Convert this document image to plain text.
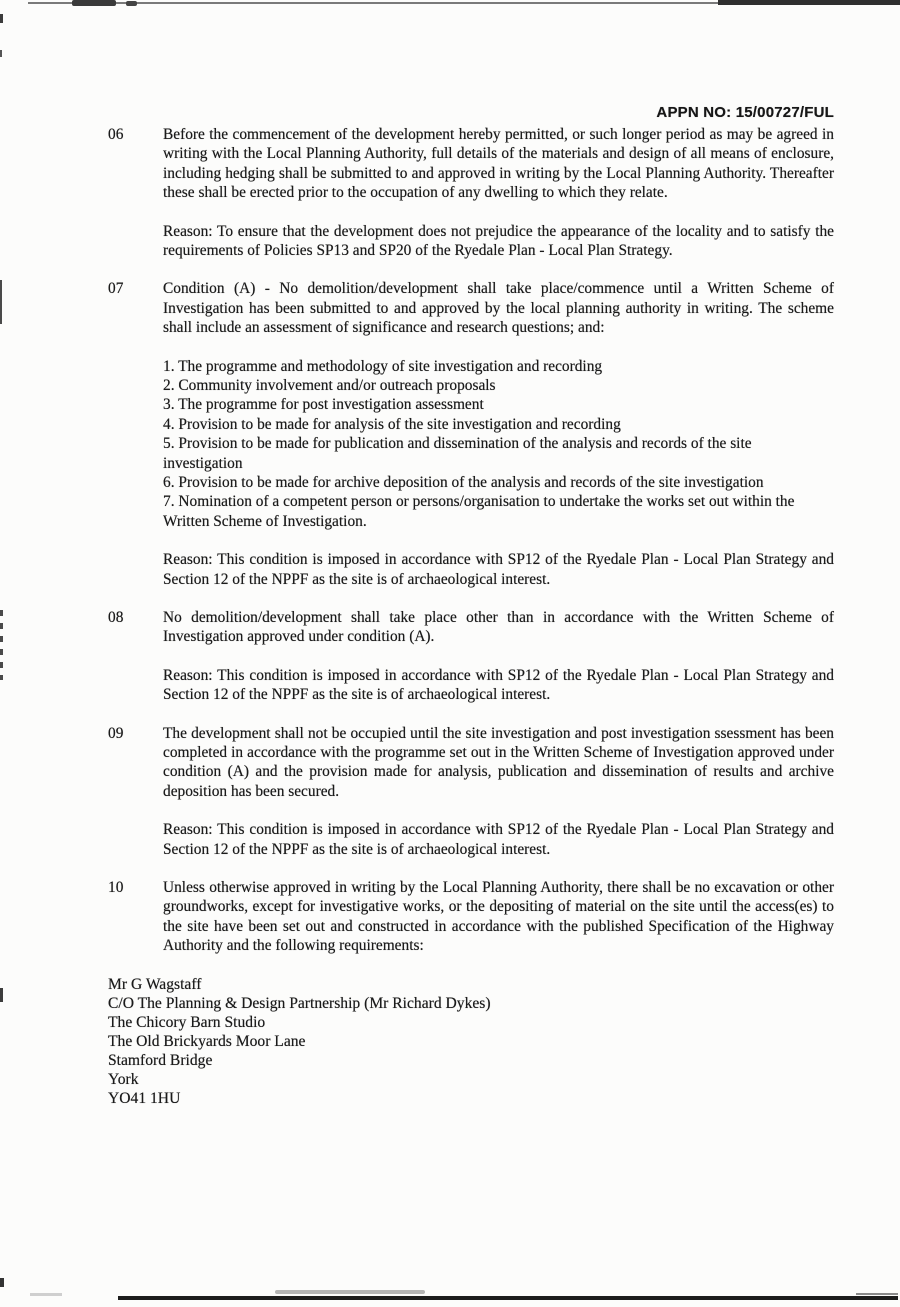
APPN NO: 15/00727/FUL
06	Before the commencement of the development hereby permitted, or such longer period as may be agreed in writing with the Local Planning Authority, full details of the materials and design of all means of enclosure, including hedging shall be submitted to and approved in writing by the Local Planning Authority. Thereafter these shall be erected prior to the occupation of any dwelling to which they relate.

Reason: To ensure that the development does not prejudice the appearance of the locality and to satisfy the requirements of Policies SP13 and SP20 of the Ryedale Plan - Local Plan Strategy.

07	Condition (A) - No demolition/development shall take place/commence until a Written Scheme of Investigation has been submitted to and approved by the local planning authority in writing. The scheme shall include an assessment of significance and research questions; and:

1. The programme and methodology of site investigation and recording
2. Community involvement and/or outreach proposals
3. The programme for post investigation assessment
4. Provision to be made for analysis of the site investigation and recording
5. Provision to be made for publication and dissemination of the analysis and records of the site investigation
6. Provision to be made for archive deposition of the analysis and records of the site investigation
7. Nomination of a competent person or persons/organisation to undertake the works set out within the Written Scheme of Investigation.

Reason: This condition is imposed in accordance with SP12 of the Ryedale Plan - Local Plan Strategy and Section 12 of the NPPF as the site is of archaeological interest.

08	No demolition/development shall take place other than in accordance with the Written Scheme of Investigation approved under condition (A).

Reason: This condition is imposed in accordance with SP12 of the Ryedale Plan - Local Plan Strategy and Section 12 of the NPPF as the site is of archaeological interest.

09	The development shall not be occupied until the site investigation and post investigation ssessment has been completed in accordance with the programme set out in the Written Scheme of Investigation approved under condition (A) and the provision made for analysis, publication and dissemination of results and archive deposition has been secured.

Reason: This condition is imposed in accordance with SP12 of the Ryedale Plan - Local Plan Strategy and Section 12 of the NPPF as the site is of archaeological interest.

10	Unless otherwise approved in writing by the Local Planning Authority, there shall be no excavation or other groundworks, except for investigative works, or the depositing of material on the site until the access(es) to the site have been set out and constructed in accordance with the published Specification of the Highway Authority and the following requirements:

Mr G Wagstaff
C/O The Planning & Design Partnership (Mr Richard Dykes)
The Chicory Barn Studio
The Old Brickyards Moor Lane
Stamford Bridge
York
YO41 1HU
